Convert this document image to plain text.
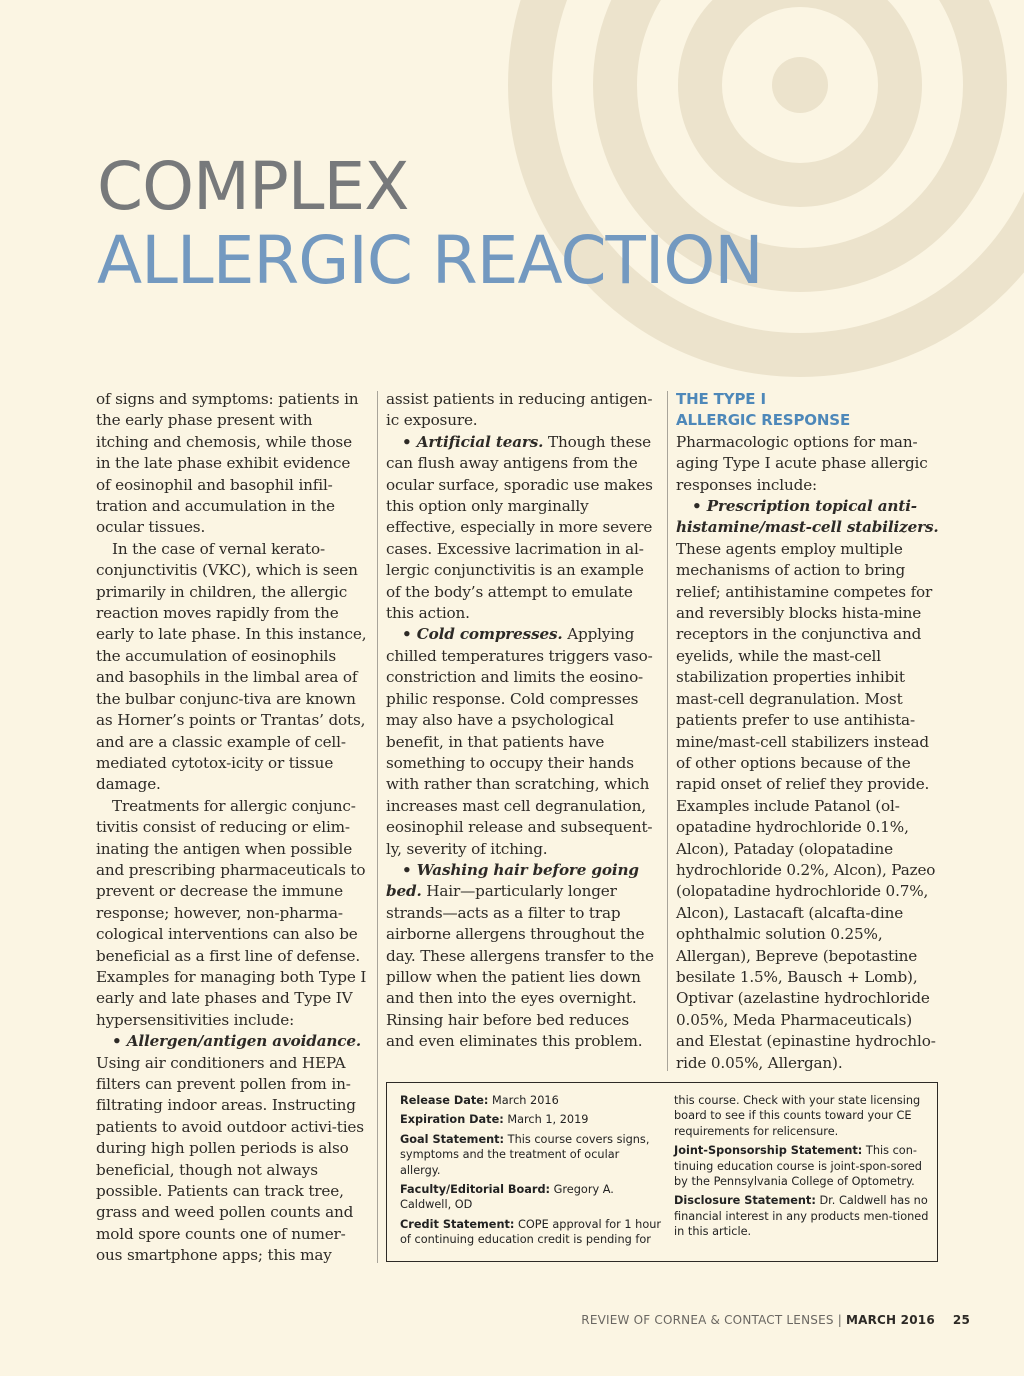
COMPLEX
ALLERGIC REACTION

of signs and symptoms: patients in the early phase present with itching and chemosis, while those in the late phase exhibit evidence of eosinophil and basophil infil-tration and accumulation in the ocular tissues.

In the case of vernal kerato-conjunctivitis (VKC), which is seen primarily in children, the allergic reaction moves rapidly from the early to late phase. In this instance, the accumulation of eosinophils and basophils in the limbal area of the bulbar conjunc-tiva are known as Horner’s points or Trantas’ dots, and are a classic example of cell-mediated cytotox-icity or tissue damage.

Treatments for allergic conjunc-tivitis consist of reducing or elim-inating the antigen when possible and prescribing pharmaceuticals to prevent or decrease the immune response; however, non-pharma-cological interventions can also be beneficial as a first line of defense. Examples for managing both Type I early and late phases and Type IV hypersensitivities include:

• Allergen/antigen avoidance.

Using air conditioners and HEPA filters can prevent pollen from in-filtrating indoor areas. Instructing patients to avoid outdoor activi-ties during high pollen periods is also beneficial, though not always possible. Patients can track tree, grass and weed pollen counts and mold spore counts one of numer-ous smartphone apps; this may

assist patients in reducing antigen-ic exposure.

• Artificial tears. Though these can flush away antigens from the ocular surface, sporadic use makes this option only marginally effective, especially in more severe cases. Excessive lacrimation in al-lergic conjunctivitis is an example of the body’s attempt to emulate this action.

• Cold compresses. Applying chilled temperatures triggers vaso-constriction and limits the eosino-philic response. Cold compresses may also have a psychological benefit, in that patients have something to occupy their hands with rather than scratching, which increases mast cell degranulation, eosinophil release and subsequent-ly, severity of itching.

• Washing hair before going bed. Hair—particularly longer strands—acts as a filter to trap airborne allergens throughout the day. These allergens transfer to the pillow when the patient lies down and then into the eyes overnight. Rinsing hair before bed reduces and even eliminates this problem.

THE TYPE I
ALLERGIC RESPONSE

Pharmacologic options for man-aging Type I acute phase allergic responses include:

• Prescription topical anti-histamine/mast-cell stabilizers.

These agents employ multiple mechanisms of action to bring relief; antihistamine competes for and reversibly blocks hista-mine receptors in the conjunctiva and eyelids, while the mast-cell stabilization properties inhibit mast-cell degranulation. Most patients prefer to use antihista-mine/mast-cell stabilizers instead of other options because of the rapid onset of relief they provide. Examples include Patanol (ol-opatadine hydrochloride 0.1%, Alcon), Pataday (olopatadine hydrochloride 0.2%, Alcon), Pazeo (olopatadine hydrochloride 0.7%, Alcon), Lastacaft (alcafta-dine ophthalmic solution 0.25%, Allergan), Bepreve (bepotastine besilate 1.5%, Bausch + Lomb), Optivar (azelastine hydrochloride 0.05%, Meda Pharmaceuticals) and Elestat (epinastine hydrochlo-ride 0.05%, Allergan).

Release Date: March 2016

Expiration Date: March 1, 2019

Goal Statement: This course covers signs, symptoms and the treatment of ocular allergy.

Faculty/Editorial Board: Gregory A. Caldwell, OD

Credit Statement: COPE approval for 1 hour of continuing education credit is pending for

this course. Check with your state licensing board to see if this counts toward your CE requirements for relicensure.

Joint-Sponsorship Statement: This con-tinuing education course is joint-spon-sored by the Pennsylvania College of Optometry.

Disclosure Statement: Dr. Caldwell has no financial interest in any products men-tioned in this article.

REVIEW OF CORNEA & CONTACT LENSES | MARCH 2016 25
